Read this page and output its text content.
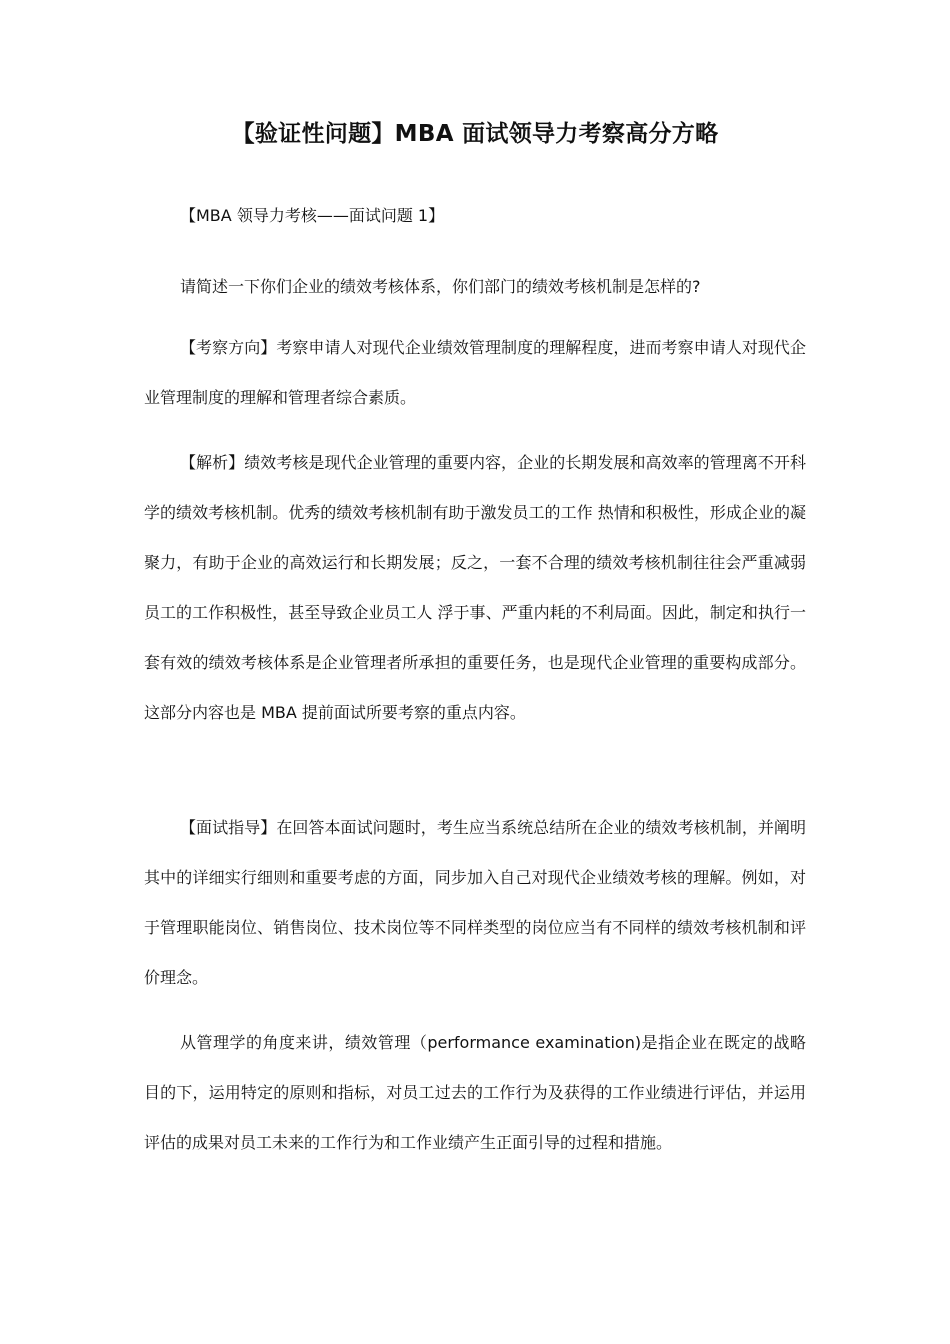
【验证性问题】MBA 面试领导力考察高分方略

【MBA 领导力考核——面试问题 1】

请简述一下你们企业的绩效考核体系，你们部门的绩效考核机制是怎样的?

【考察方向】考察申请人对现代企业绩效管理制度的理解程度，进而考察申请人对现代企业管理制度的理解和管理者综合素质。

【解析】绩效考核是现代企业管理的重要内容，企业的长期发展和高效率的管理离不开科学的绩效考核机制。优秀的绩效考核机制有助于激发员工的工作 热情和积极性，形成企业的凝聚力，有助于企业的高效运行和长期发展；反之，一套不合理的绩效考核机制往往会严重减弱员工的工作积极性，甚至导致企业员工人 浮于事、严重内耗的不利局面。因此，制定和执行一套有效的绩效考核体系是企业管理者所承担的重要任务，也是现代企业管理的重要构成部分。这部分内容也是 MBA 提前面试所要考察的重点内容。

【面试指导】在回答本面试问题时，考生应当系统总结所在企业的绩效考核机制，并阐明其中的详细实行细则和重要考虑的方面，同步加入自己对现代企业绩效考核的理解。例如，对于管理职能岗位、销售岗位、技术岗位等不同样类型的岗位应当有不同样的绩效考核机制和评价理念。

从管理学的角度来讲，绩效管理（performance examination)是指企业在既定的战略目的下，运用特定的原则和指标，对员工过去的工作行为及获得的工作业绩进行评估，并运用评估的成果对员工未来的工作行为和工作业绩产生正面引导的过程和措施。
